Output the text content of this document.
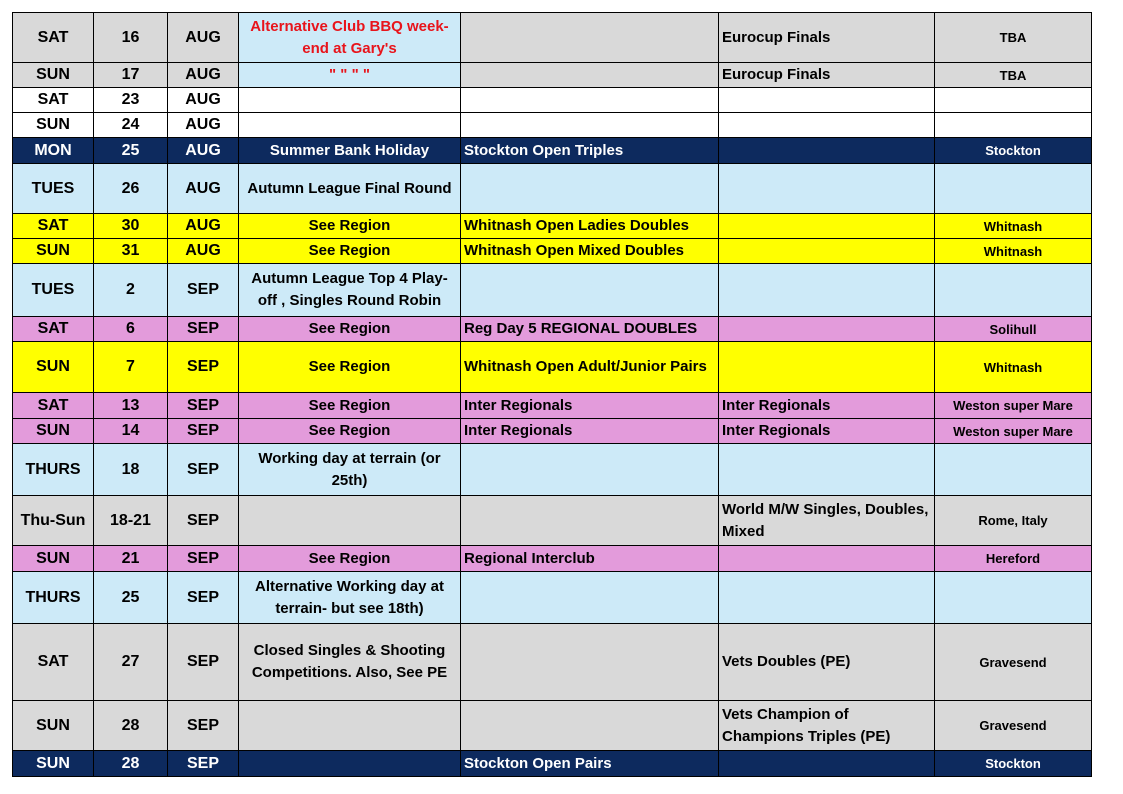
SAT	16	AUG	Alternative Club BBQ week-end at Gary's		Eurocup Finals	TBA
SUN	17	AUG	" " " "		Eurocup Finals	TBA
SAT	23	AUG				
SUN	24	AUG				
MON	25	AUG	Summer Bank Holiday	Stockton Open Triples		Stockton
TUES	26	AUG	Autumn League Final Round			
SAT	30	AUG	See Region	Whitnash Open Ladies Doubles		Whitnash
SUN	31	AUG	See Region	Whitnash Open Mixed Doubles		Whitnash
TUES	2	SEP	Autumn League Top 4 Play-off , Singles Round Robin			
SAT	6	SEP	See Region	Reg Day 5 REGIONAL DOUBLES		Solihull
SUN	7	SEP	See Region	Whitnash Open Adult/Junior Pairs		Whitnash
SAT	13	SEP	See Region	Inter Regionals	Inter Regionals	Weston super Mare
SUN	14	SEP	See Region	Inter Regionals	Inter Regionals	Weston super Mare
THURS	18	SEP	Working day at terrain (or 25th)			
Thu-Sun	18-21	SEP			World M/W Singles, Doubles, Mixed	Rome, Italy
SUN	21	SEP	See Region	Regional Interclub		Hereford
THURS	25	SEP	Alternative Working day at terrain- but see 18th)			
SAT	27	SEP	Closed Singles & Shooting Competitions. Also, See PE		Vets Doubles (PE)	Gravesend
SUN	28	SEP			Vets Champion of Champions Triples (PE)	Gravesend
SUN	28	SEP		Stockton Open Pairs		Stockton
